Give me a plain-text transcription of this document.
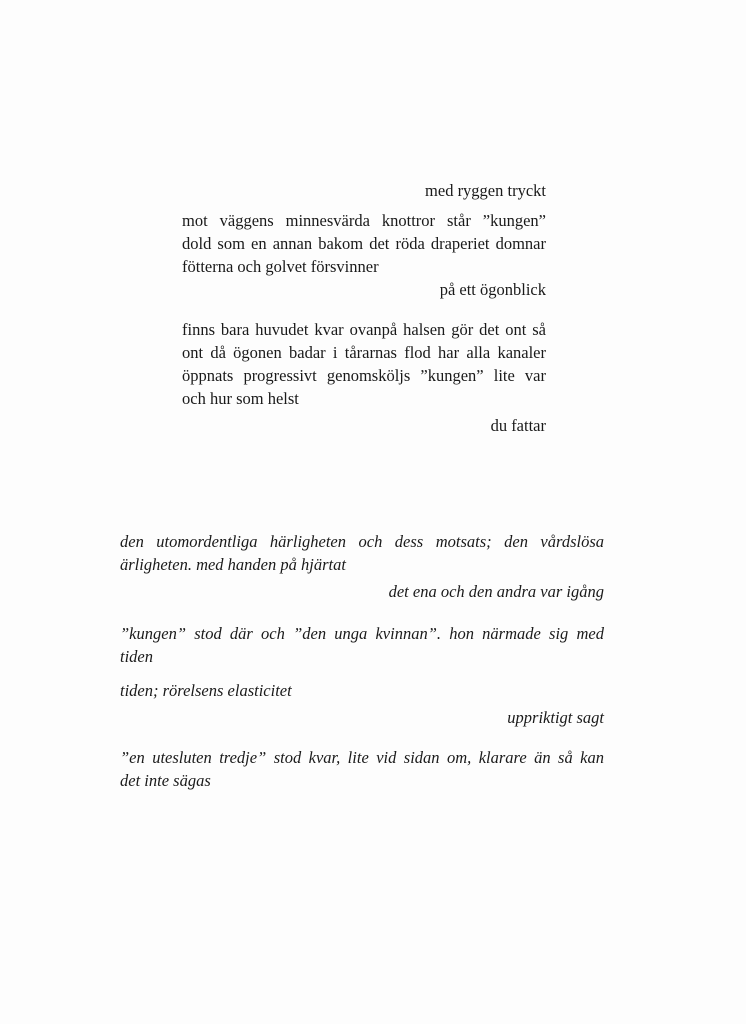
med ryggen tryckt
mot väggens minnesvärda knottror står ”kungen”
dold som en annan bakom det röda draperiet domnar
fötterna och golvet försvinner
på ett ögonblick
finns bara huvudet kvar ovanpå halsen gör det ont så
ont då ögonen badar i tårarnas flod har alla kanaler
öppnats progressivt genomsköljs ”kungen” lite var
och hur som helst
du fattar
den utomordentliga härligheten och dess motsats; den vårdslösa
ärligheten. med handen på hjärtat
det ena och den andra var igång
”kungen” stod där och ”den unga kvinnan”. hon närmade sig med
tiden
tiden; rörelsens elasticitet
uppriktigt sagt
”en utesluten tredje” stod kvar, lite vid sidan om, klarare än så kan
det inte sägas
